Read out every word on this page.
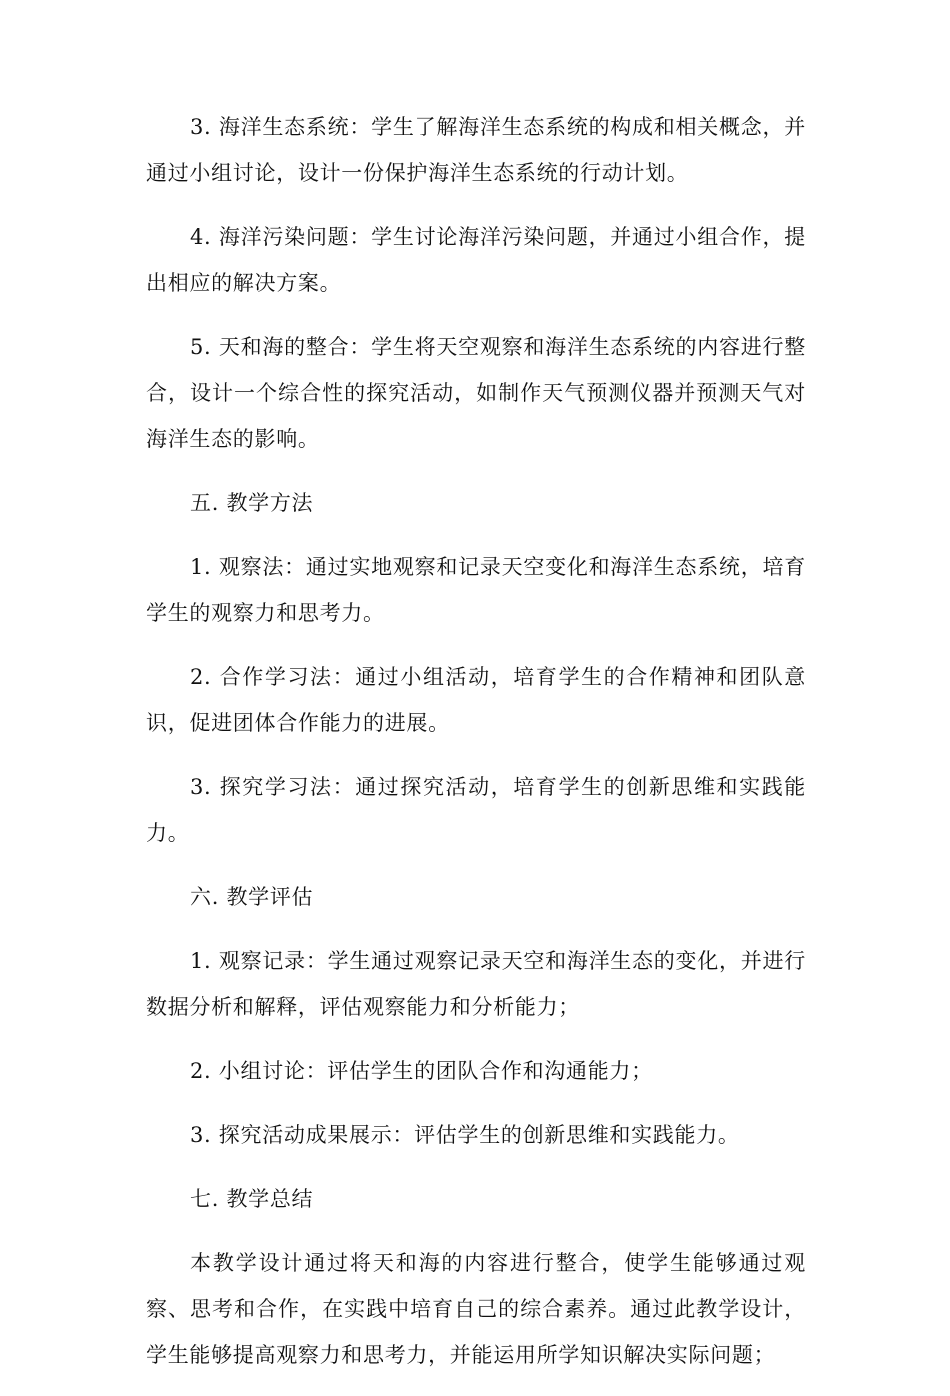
3. 海洋生态系统：学生了解海洋生态系统的构成和相关概念，并通过小组讨论，设计一份保护海洋生态系统的行动计划。

4. 海洋污染问题：学生讨论海洋污染问题，并通过小组合作，提出相应的解决方案。

5. 天和海的整合：学生将天空观察和海洋生态系统的内容进行整合，设计一个综合性的探究活动，如制作天气预测仪器并预测天气对海洋生态的影响。

五. 教学方法

1. 观察法：通过实地观察和记录天空变化和海洋生态系统，培育学生的观察力和思考力。

2. 合作学习法：通过小组活动，培育学生的合作精神和团队意识，促进团体合作能力的进展。

3. 探究学习法：通过探究活动，培育学生的创新思维和实践能力。

六. 教学评估

1. 观察记录：学生通过观察记录天空和海洋生态的变化，并进行数据分析和解释，评估观察能力和分析能力；

2. 小组讨论：评估学生的团队合作和沟通能力；

3. 探究活动成果展示：评估学生的创新思维和实践能力。

七. 教学总结

本教学设计通过将天和海的内容进行整合，使学生能够通过观察、思考和合作，在实践中培育自己的综合素养。通过此教学设计，学生能够提高观察力和思考力，并能运用所学知识解决实际问题；
